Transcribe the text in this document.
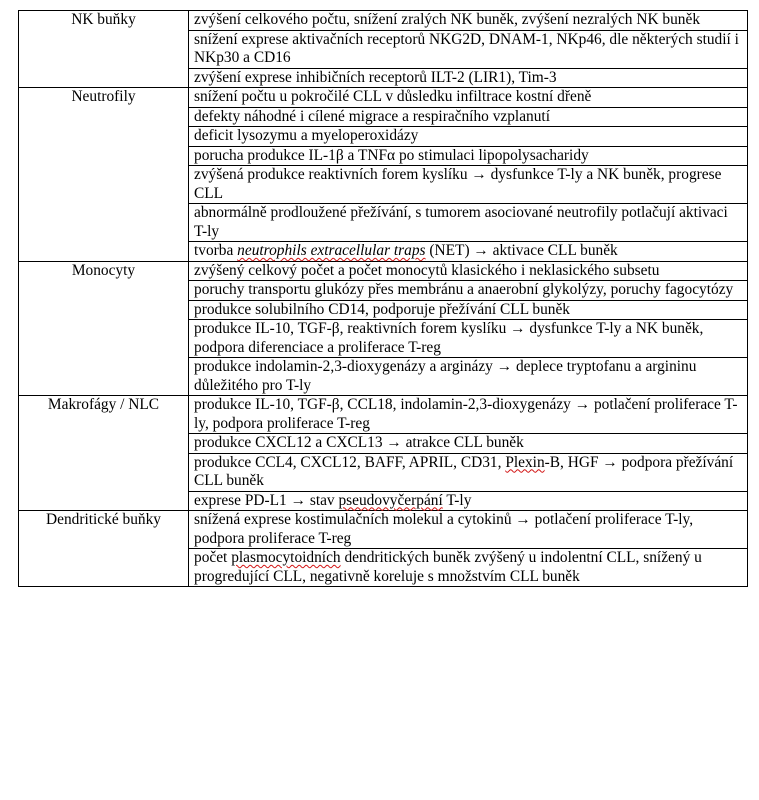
NK buňky	zvýšení celkového počtu, snížení zralých NK buněk, zvýšení nezralých NK buněk
	snížení exprese aktivačních receptorů NKG2D, DNAM-1, NKp46, dle některých studií i NKp30 a CD16
	zvýšení exprese inhibičních receptorů ILT-2 (LIR1), Tim-3
Neutrofily	snížení počtu u pokročilé CLL v důsledku infiltrace kostní dřeně
	defekty náhodné i cílené migrace a respiračního vzplanutí
	deficit lysozymu a myeloperoxidázy
	porucha produkce IL-1β a TNFα po stimulaci lipopolysacharidy
	zvýšená produkce reaktivních forem kyslíku → dysfunkce T-ly a NK buněk, progrese CLL
	abnormálně prodloužené přežívání, s tumorem asociované neutrofily potlačují aktivaci T-ly
	tvorba neutrophils extracellular traps (NET) → aktivace CLL buněk
Monocyty	zvýšený celkový počet a počet monocytů klasického i neklasického subsetu
	poruchy transportu glukózy přes membránu a anaerobní glykolýzy, poruchy fagocytózy
	produkce solubilního CD14, podporuje přežívání CLL buněk
	produkce IL-10, TGF-β, reaktivních forem kyslíku → dysfunkce T-ly a NK buněk, podpora diferenciace a proliferace T-reg
	produkce indolamin-2,3-dioxygenázy a arginázy → deplece tryptofanu a argininu důležitého pro T-ly
Makrofágy / NLC	produkce IL-10, TGF-β, CCL18, indolamin-2,3-dioxygenázy → potlačení proliferace T-ly, podpora proliferace T-reg
	produkce CXCL12 a CXCL13 → atrakce CLL buněk
	produkce CCL4, CXCL12, BAFF, APRIL, CD31, Plexin-B, HGF → podpora přežívání CLL buněk
	exprese PD-L1 → stav pseudovyčerpání T-ly
Dendritické buňky	snížená exprese kostimulačních molekul a cytokinů → potlačení proliferace T-ly, podpora proliferace T-reg
	počet plasmocytoidních dendritických buněk zvýšený u indolentní CLL, snížený u progredující CLL, negativně koreluje s množstvím CLL buněk
